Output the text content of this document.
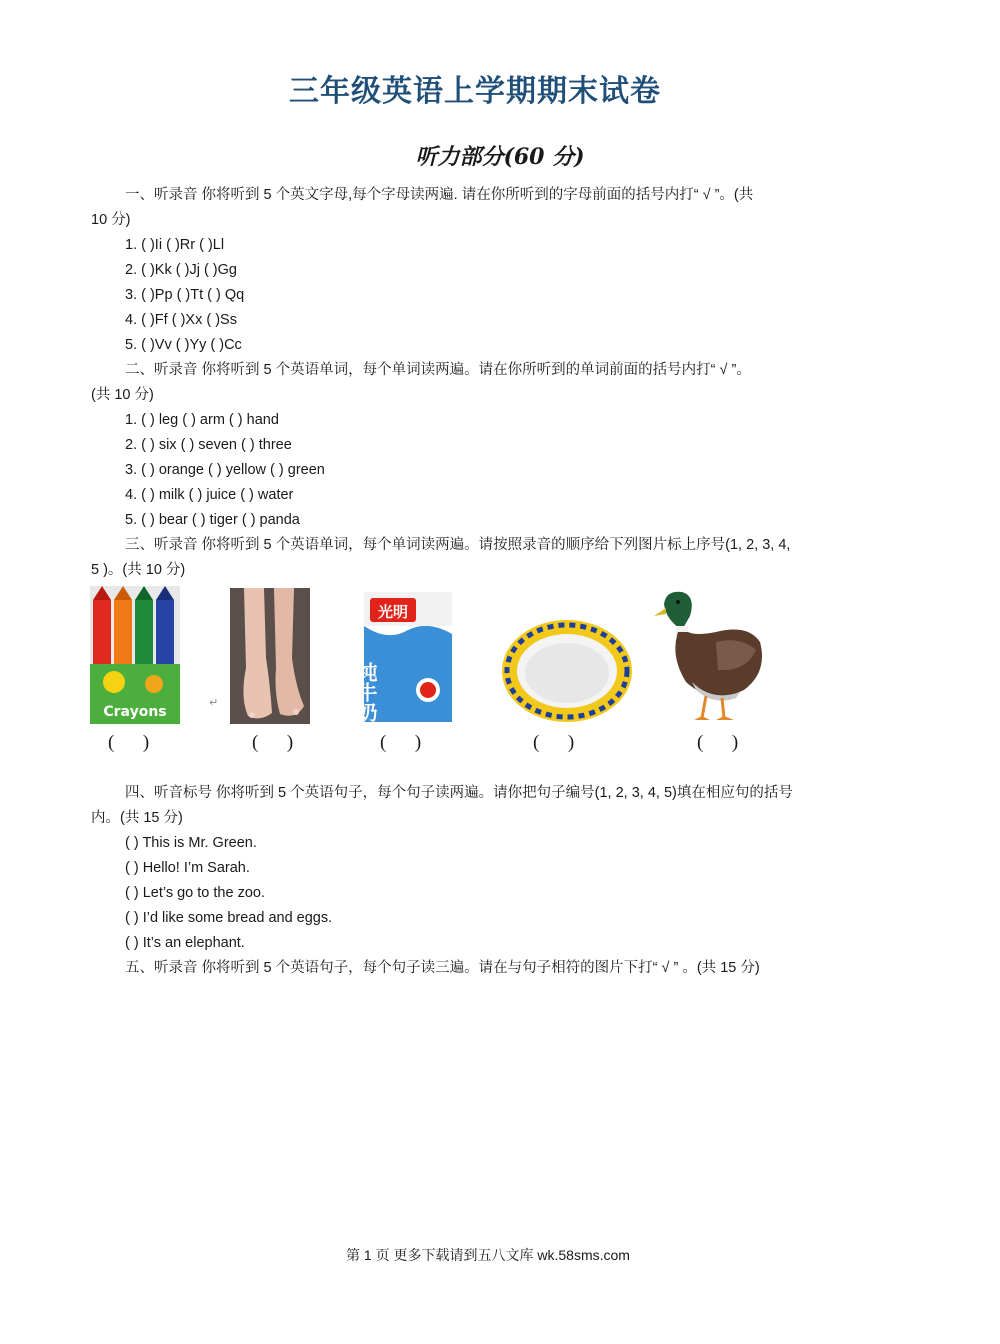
三年级英语上学期期末试卷
听力部分(60 分)
一、听录音 你将听到 5 个英文字母,每个字母读两遍. 请在你所听到的字母前面的括号内打“ √ ”。(共
10 分)
1. ( )Ii ( )Rr ( )Ll
2. ( )Kk ( )Jj ( )Gg
3. ( )Pp ( )Tt ( ) Qq
4. ( )Ff ( )Xx ( )Ss
5. ( )Vv ( )Yy ( )Cc
二、听录音 你将听到 5 个英语单词，每个单词读两遍。请在你所听到的单词前面的括号内打“ √ ”。
(共 10 分)
1. ( ) leg ( ) arm ( ) hand
2. ( ) six ( ) seven ( ) three
3. ( ) orange ( ) yellow ( ) green
4. ( ) milk ( ) juice ( ) water
5. ( ) bear ( ) tiger ( ) panda
三、听录音 你将听到 5 个英语单词，每个单词读两遍。请按照录音的顺序给下列图片标上序号(1, 2, 3, 4,
5 )。(共 10 分)
Crayons
(      )
↵
(      )
光明
纯牛奶
(      )	(      )	(      )
四、听音标号 你将听到 5 个英语句子，每个句子读两遍。请你把句子编号(1, 2, 3, 4, 5)填在相应句的括号
内。(共 15 分)
( ) This is Mr. Green.
( ) Hello! I’m Sarah.
( ) Let’s go to the zoo.
( ) I’d like some bread and eggs.
( ) It’s an elephant.
五、听录音 你将听到 5 个英语句子，每个句子读三遍。请在与句子相符的图片下打“ √ ” 。(共 15 分)
第 1 页 更多下载请到五八文库 wk.58sms.com
